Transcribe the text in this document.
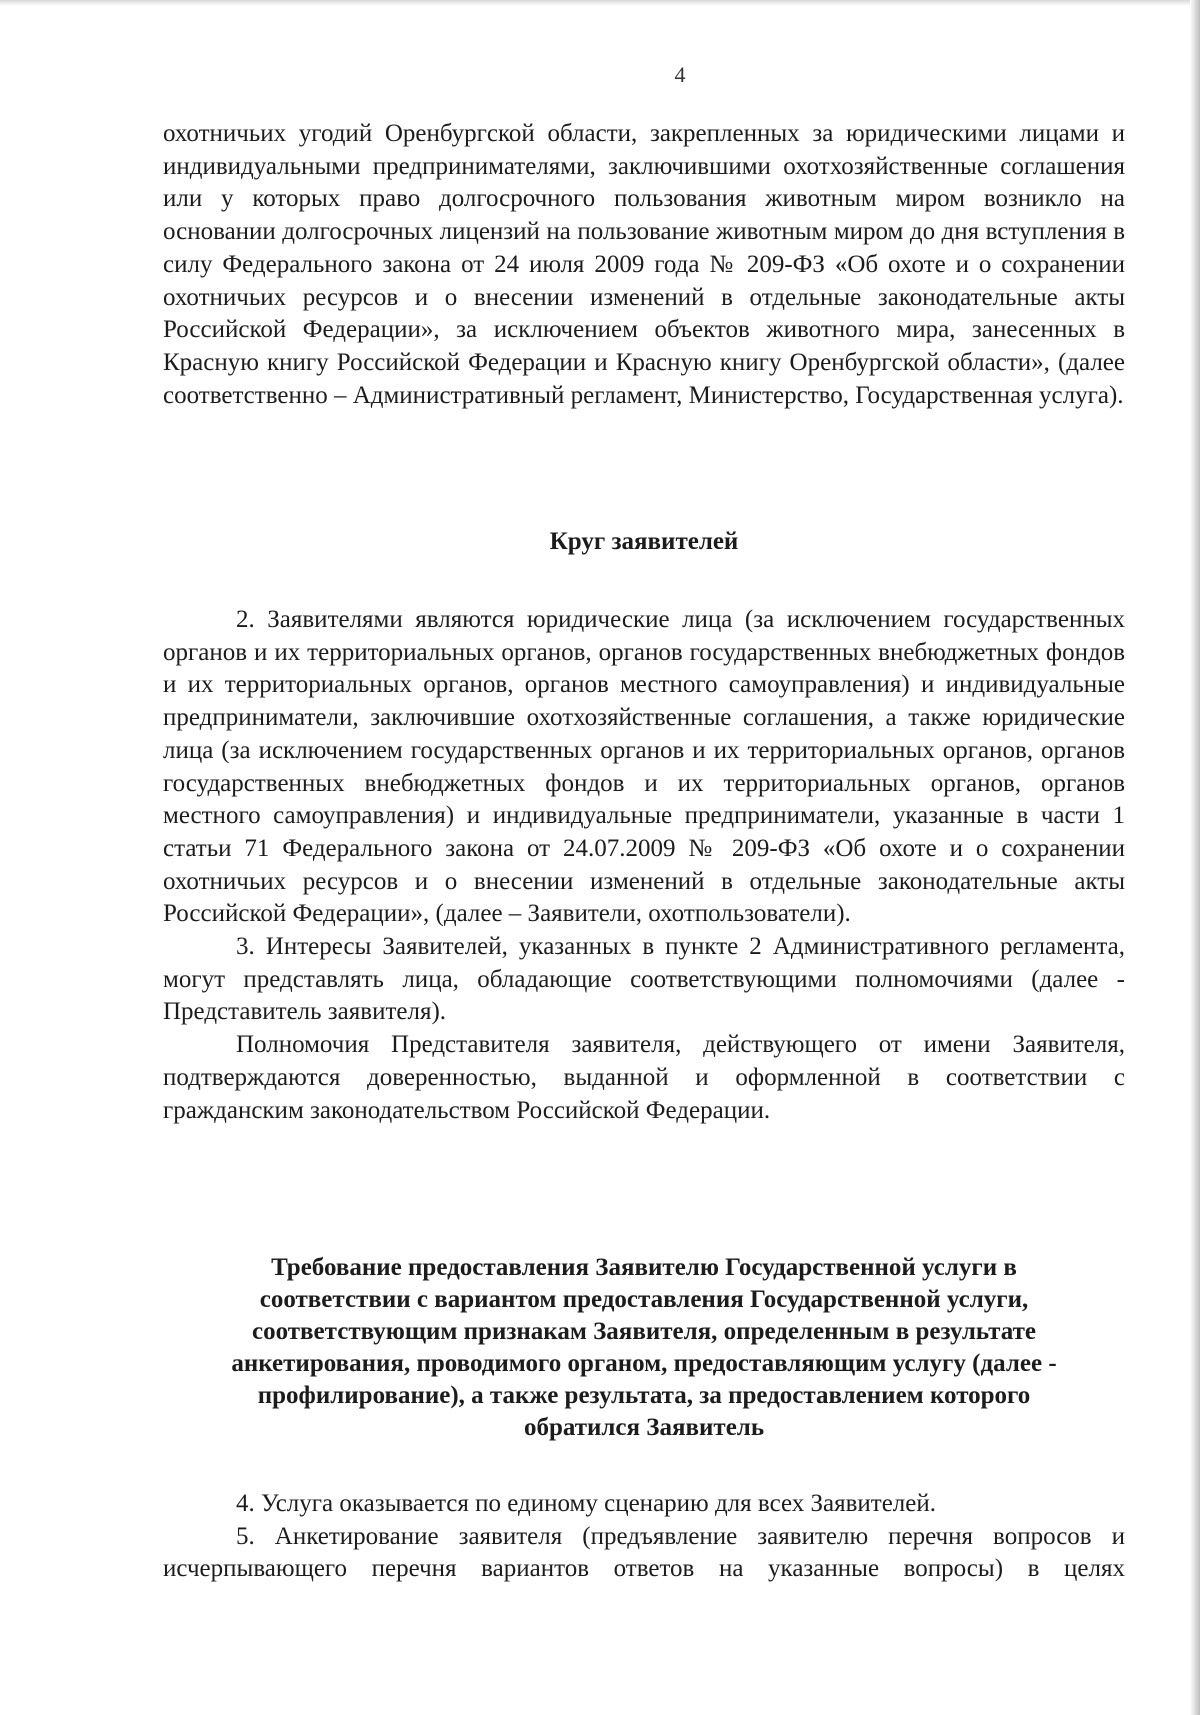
4

охотничьих угодий Оренбургской области, закрепленных за юридическими лицами и индивидуальными предпринимателями, заключившими охотхозяйственные соглашения или у которых право долгосрочного пользования животным миром возникло на основании долгосрочных лицензий на пользование животным миром до дня вступления в силу Федерального закона от 24 июля 2009 года № 209-ФЗ «Об охоте и о сохранении охотничьих ресурсов и о внесении изменений в отдельные законодательные акты Российской Федерации», за исключением объектов животного мира, занесенных в Красную книгу Российской Федерации и Красную книгу Оренбургской области», (далее соответственно – Административный регламент, Министерство, Государственная услуга).

Круг заявителей

2. Заявителями являются юридические лица (за исключением государственных органов и их территориальных органов, органов государственных внебюджетных фондов и их территориальных органов, органов местного самоуправления) и индивидуальные предприниматели, заключившие охотхозяйственные соглашения, а также юридические лица (за исключением государственных органов и их территориальных органов, органов государственных внебюджетных фондов и их территориальных органов, органов местного самоуправления) и индивидуальные предприниматели, указанные в части 1 статьи 71 Федерального закона от 24.07.2009 № 209-ФЗ «Об охоте и о сохранении охотничьих ресурсов и о внесении изменений в отдельные законодательные акты Российской Федерации», (далее – Заявители, охотпользователи).

3. Интересы Заявителей, указанных в пункте 2 Административного регламента, могут представлять лица, обладающие соответствующими полномочиями (далее - Представитель заявителя).

Полномочия Представителя заявителя, действующего от имени Заявителя, подтверждаются доверенностью, выданной и оформленной в соответствии с гражданским законодательством Российской Федерации.

Требование предоставления Заявителю Государственной услуги в
соответствии с вариантом предоставления Государственной услуги,
соответствующим признакам Заявителя, определенным в результате
анкетирования, проводимого органом, предоставляющим услугу (далее -
профилирование), а также результата, за предоставлением которого
обратился Заявитель

4. Услуга оказывается по единому сценарию для всех Заявителей.

5. Анкетирование заявителя (предъявление заявителю перечня вопросов и исчерпывающего перечня вариантов ответов на указанные вопросы) в целях
